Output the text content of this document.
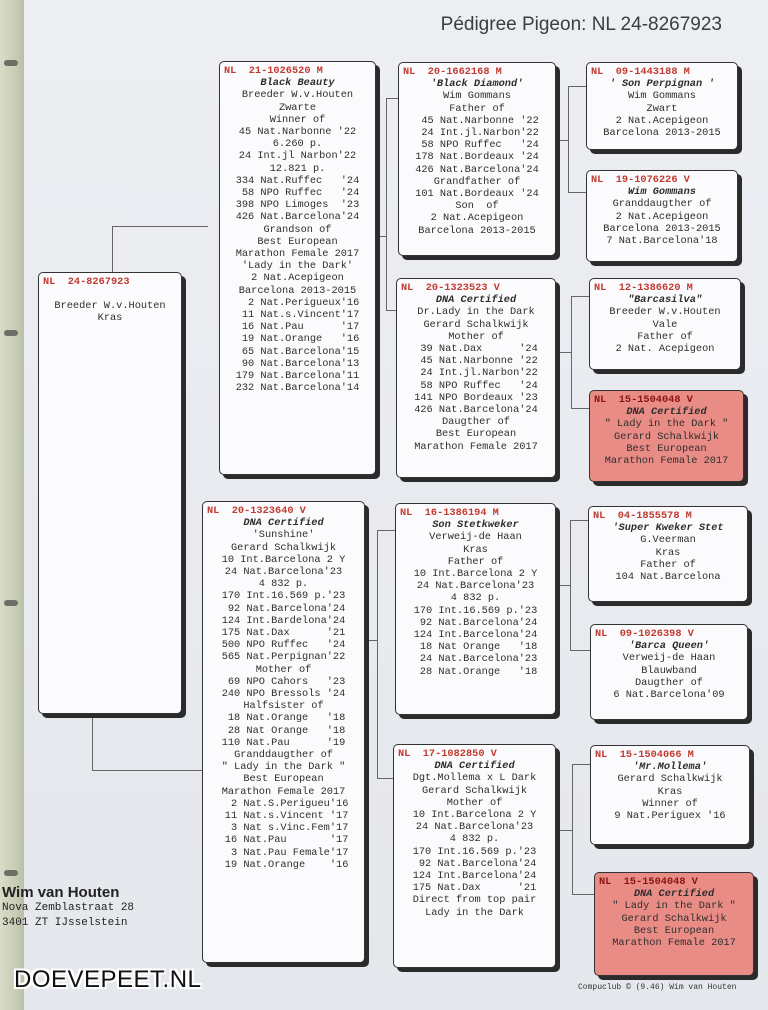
Pédigree Pigeon: NL 24-8267923
NL  24-8267923
Breeder W.v.Houten
Kras
NL  21-1026520 M
Black Beauty
Breeder W.v.Houten
Zwarte
Winner of
45 Nat.Narbonne '22
6.260 p.
24 Int.jl Narbon'22
12.821 p.
334 Nat.Ruffec   '24
58 NPO Ruffec   '24
398 NPO Limoges  '23
426 Nat.Barcelona'24
Grandson of
Best European
Marathon Female 2017
'Lady in the Dark'
2 Nat.Acepigeon
Barcelona 2013-2015
2 Nat.Perigueux'16
11 Nat.s.Vincent'17
16 Nat.Pau      '17
19 Nat.Orange   '16
65 Nat.Barcelona'15
90 Nat.Barcelona'13
179 Nat.Barcelona'11
232 Nat.Barcelona'14
NL  20-1323640 V
DNA Certified
'Sunshine'
Gerard Schalkwijk
10 Int.Barcelona 2 Y
24 Nat.Barcelona'23
4 832 p.
170 Int.16.569 p.'23
92 Nat.Barcelona'24
124 Int.Bardelona'24
175 Nat.Dax      '21
500 NPO Ruffec   '24
565 Nat.Perpignan'22
Mother of
69 NPO Cahors   '23
240 NPO Bressols '24
Halfsister of
18 Nat.Orange   '18
28 Nat Orange   '18
110 Nat.Pau      '19
Granddaugther of
" Lady in the Dark "
Best European
Marathon Female 2017
2 Nat.S.Perigueu'16
11 Nat.s.Vincent '17
3 Nat s.Vinc.Fem'17
16 Nat.Pau       '17
3 Nat.Pau Female'17
19 Nat.Orange    '16
NL  20-1662168 M
'Black Diamond'
Wim Gommans
Father of
45 Nat.Narbonne '22
24 Int.jl.Narbon'22
58 NPO Ruffec   '24
178 Nat.Bordeaux '24
426 Nat.Barcelona'24
Grandfather of
101 Nat.Bordeaux '24
Son  of
2 Nat.Acepigeon
Barcelona 2013-2015
NL  20-1323523 V
DNA Certified
Dr.Lady in the Dark
Gerard Schalkwijk
Mother of
39 Nat.Dax      '24
45 Nat.Narbonne '22
24 Int.jl.Narbon'22
58 NPO Ruffec   '24
141 NPO Bordeaux '23
426 Nat.Barcelona'24
Daugther of
Best European
Marathon Female 2017
NL  16-1386194 M
Son Stetkweker
Verweij-de Haan
Kras
Father of
10 Int.Barcelona 2 Y
24 Nat.Barcelona'23
4 832 p.
170 Int.16.569 p.'23
92 Nat.Barcelona'24
124 Int.Barcelona'24
18 Nat Orange   '18
24 Nat.Barcelona'23
28 Nat.Orange   '18
NL  17-1082850 V
DNA Certified
Dgt.Mollema x L Dark
Gerard Schalkwijk
Mother of
10 Int.Barcelona 2 Y
24 Nat.Barcelona'23
4 832 p.
170 Int.16.569 p.'23
92 Nat.Barcelona'24
124 Int.Barcelona'24
175 Nat.Dax      '21
Direct from top pair
Lady in the Dark
NL  09-1443188 M
' Son Perpignan '
Wim Gommans
Zwart
2 Nat.Acepigeon
Barcelona 2013-2015
NL  19-1076226 V
Wim Gommans
Granddaugther of
2 Nat.Acepigeon
Barcelona 2013-2015
7 Nat.Barcelona'18
NL  12-1386620 M
"Barcasilva"
Breeder W.v.Houten
Vale
Father of
2 Nat. Acepigeon
NL  15-1504048 V
DNA Certified
" Lady in the Dark "
Gerard Schalkwijk
Best European
Marathon Female 2017
NL  04-1855578 M
'Super Kweker Stet
G.Veerman
Kras
Father of
104 Nat.Barcelona
NL  09-1026398 V
'Barca Queen'
Verweij-de Haan
Blauwband
Daugther of
6 Nat.Barcelona'09
NL  15-1504066 M
'Mr.Mollema'
Gerard Schalkwijk
Kras
Winner of
9 Nat.Periguex '16
NL  15-1504048 V
DNA Certified
" Lady in the Dark "
Gerard Schalkwijk
Best European
Marathon Female 2017
Wim van Houten
Nova Zemblastraat 28
3401 ZT IJsselstein
DOEVEPEET.NL	Compuclub © (9.46) Wim van Houten
